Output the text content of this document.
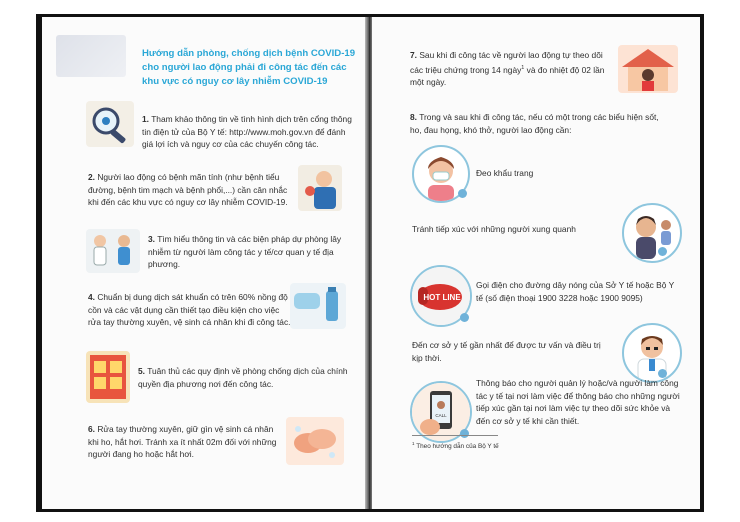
Hướng dẫn phòng, chống dịch bệnh COVID-19 cho người lao động phải đi công tác đến các khu vực có nguy cơ lây nhiễm COVID-19
1. Tham khảo thông tin về tình hình dịch trên cổng thông tin điện tử của Bộ Y tế: http://www.moh.gov.vn để đánh giá lợi ích và nguy cơ của các chuyến công tác.
2. Người lao động có bệnh mãn tính (như bệnh tiểu đường, bệnh tim mạch và bệnh phổi,...) cần cân nhắc khi đến các khu vực có nguy cơ lây nhiễm COVID-19.
3. Tìm hiểu thông tin và các biện pháp dự phòng lây nhiễm từ người làm công tác y tế/cơ quan y tế địa phương.
4. Chuẩn bị dung dịch sát khuẩn có trên 60% nồng độ cồn và các vật dụng cần thiết tạo điều kiện cho việc rửa tay thường xuyên, vệ sinh cá nhân khi đi công tác.
5. Tuân thủ các quy định về phòng chống dịch của chính quyền địa phương nơi đến công tác.
6. Rửa tay thường xuyên, giữ gìn vệ sinh cá nhân khi ho, hắt hơi. Tránh xa ít nhất 02m đối với những người đang ho hoặc hắt hơi.
7. Sau khi đi công tác về người lao động tự theo dõi các triệu chứng trong 14 ngày$^1$ và đo nhiệt độ 02 lần một ngày.
8. Trong và sau khi đi công tác, nếu có một trong các biểu hiện sốt, ho, đau họng, khó thở, người lao động cần:
Đeo khẩu trang
Tránh tiếp xúc với những người xung quanh
HOT LINE
Gọi điện cho đường dây nóng của Sở Y tế hoặc Bộ Y tế (số điện thoại 1900 3228 hoặc 1900 9095)
Đến cơ sở y tế gần nhất để được tư vấn và điều trị kịp thời.
CALL
Thông báo cho người quản lý hoặc/và người làm công tác y tế tại nơi làm việc để thông báo cho những người tiếp xúc gần tại nơi làm việc tự theo dõi sức khỏe và đến cơ sở y tế khi cần thiết.
$^1$ Theo hướng dẫn của Bộ Y tế
